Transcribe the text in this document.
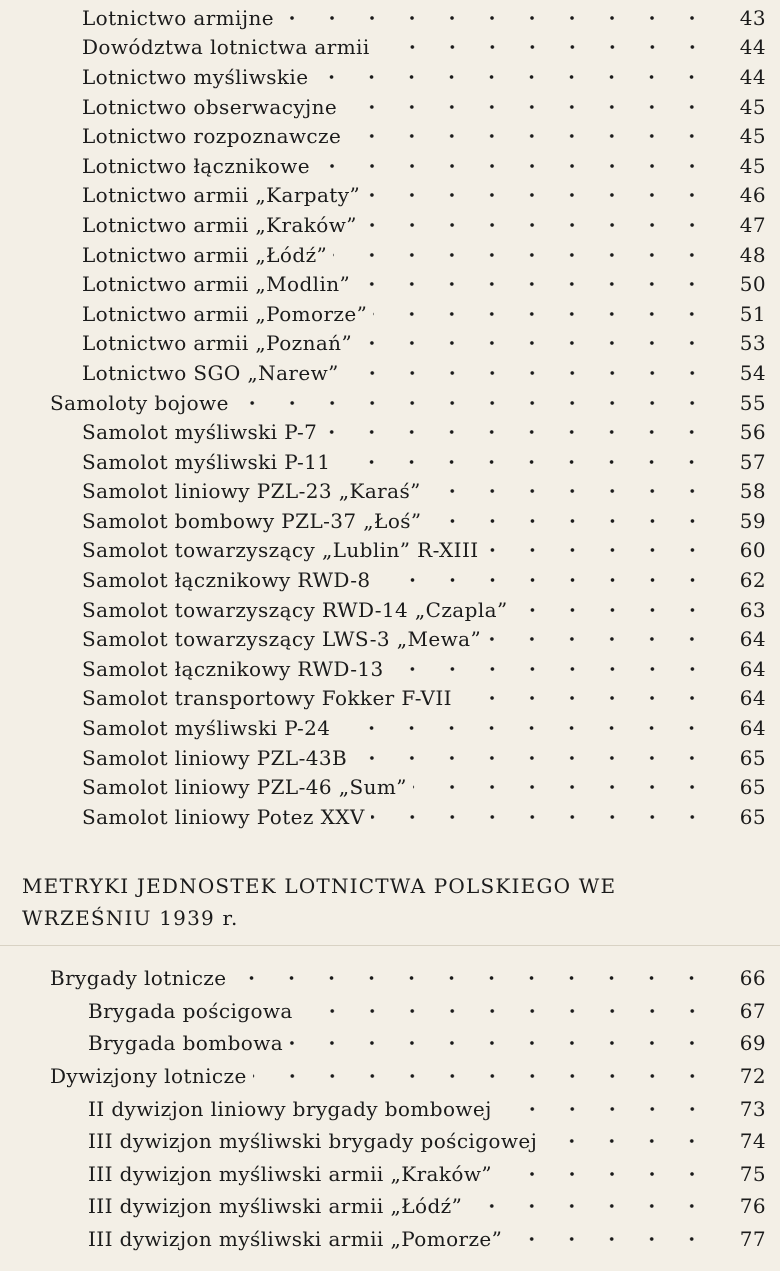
Lotnictwo armijne	43
Dowództwa lotnictwa armii	44
Lotnictwo myśliwskie	44
Lotnictwo obserwacyjne	45
Lotnictwo rozpoznawcze	45
Lotnictwo łącznikowe	45
Lotnictwo armii „Karpaty”	46
Lotnictwo armii „Kraków”	47
Lotnictwo armii „Łódź”	48
Lotnictwo armii „Modlin”	50
Lotnictwo armii „Pomorze”	51
Lotnictwo armii „Poznań”	53
Lotnictwo SGO „Narew”	54
Samoloty bojowe	55
Samolot myśliwski P-7	56
Samolot myśliwski P-11	57
Samolot liniowy PZL-23 „Karaś”	58
Samolot bombowy PZL-37 „Łoś”	59
Samolot towarzyszący „Lublin” R-XIII	60
Samolot łącznikowy RWD-8	62
Samolot towarzyszący RWD-14 „Czapla”	63
Samolot towarzyszący LWS-3 „Mewa”	64
Samolot łącznikowy RWD-13	64
Samolot transportowy Fokker F-VII	64
Samolot myśliwski P-24	64
Samolot liniowy PZL-43B	65
Samolot liniowy PZL-46 „Sum”	65
Samolot liniowy Potez XXV	65
METRYKI JEDNOSTEK LOTNICTWA POLSKIEGO WE
WRZEŚNIU 1939 r.
Brygady lotnicze	66
Brygada pościgowa	67
Brygada bombowa	69
Dywizjony lotnicze	72
II dywizjon liniowy brygady bombowej	73
III dywizjon myśliwski brygady pościgowej	74
III dywizjon myśliwski armii „Kraków”	75
III dywizjon myśliwski armii „Łódź”	76
III dywizjon myśliwski armii „Pomorze”	77
